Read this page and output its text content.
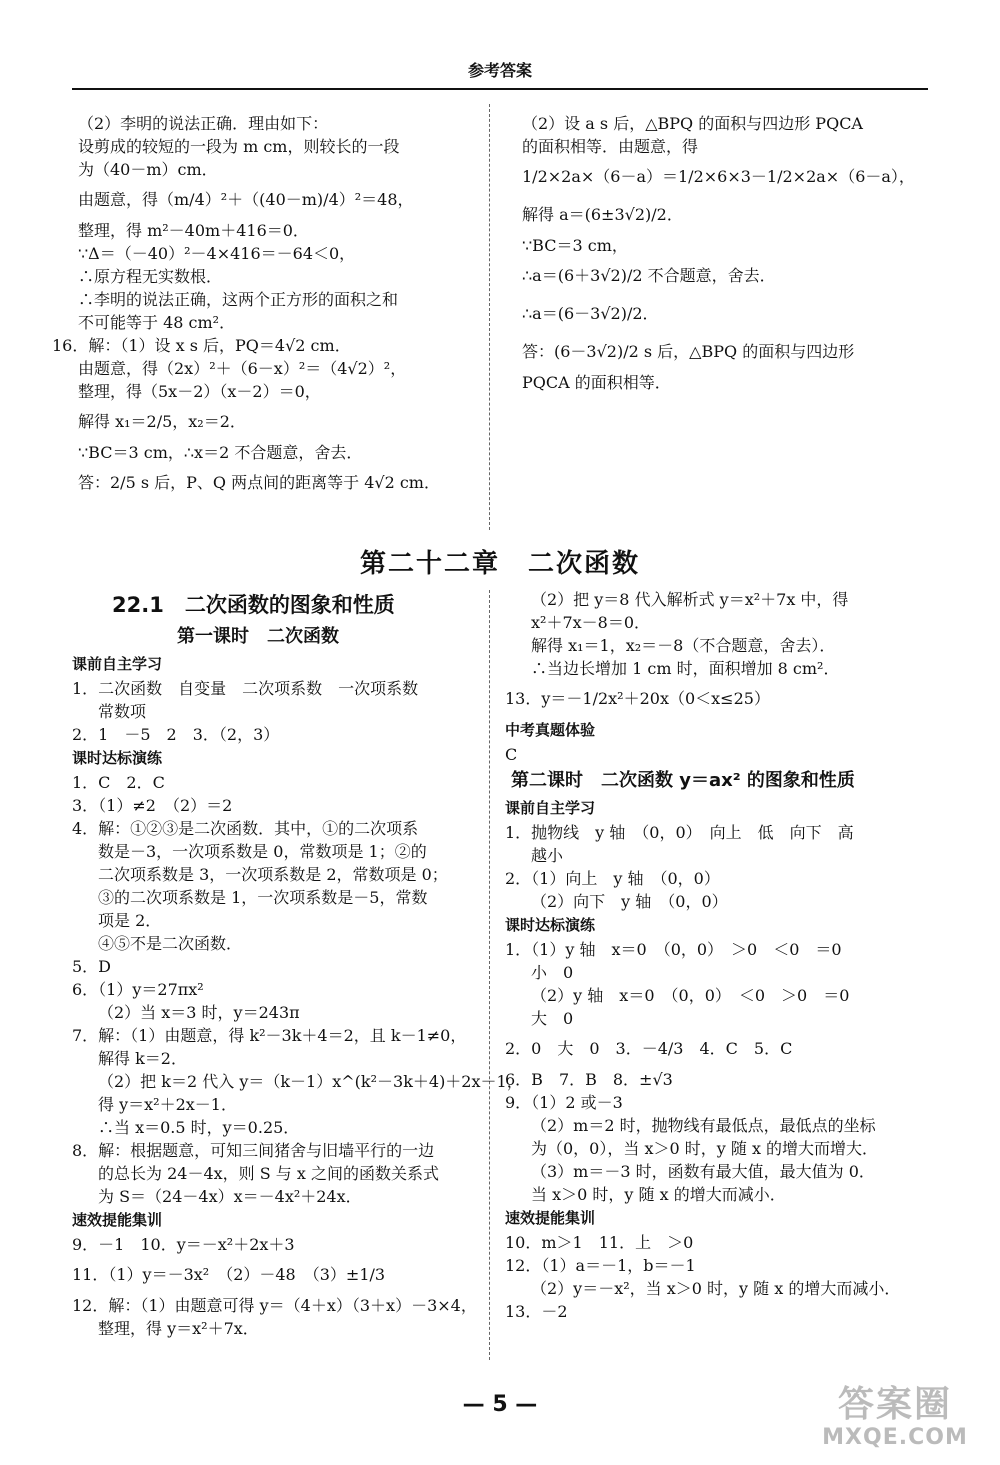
参考答案
（2）李明的说法正确．理由如下：
设剪成的较短的一段为 m cm，则较长的一段
为（40－m）cm．
由题意，得（m/4）²＋（(40－m)/4）²＝48，
整理，得 m²－40m＋416＝0．
∵Δ＝（－40）²－4×416＝－64＜0，
∴原方程无实数根．
∴李明的说法正确，这两个正方形的面积之和
不可能等于 48 cm²．
16．解：（1）设 x s 后，PQ＝4√2 cm．
由题意，得（2x）²＋（6－x）²＝（4√2）²，
整理，得（5x－2）（x－2）＝0，
解得 x₁＝2/5，x₂＝2．
∵BC＝3 cm，∴x＝2 不合题意，舍去．
答：2/5 s 后，P、Q 两点间的距离等于 4√2 cm．
（2）设 a s 后，△BPQ 的面积与四边形 PQCA
的面积相等．由题意，得
1/2×2a×（6－a）＝1/2×6×3－1/2×2a×（6－a），
解得 a＝(6±3√2)/2．
∵BC＝3 cm，
∴a＝(6＋3√2)/2 不合题意，舍去．
∴a＝(6－3√2)/2．
答：(6－3√2)/2 s 后，△BPQ 的面积与四边形
PQCA 的面积相等．
第二十二章　二次函数
22.1　二次函数的图象和性质
第一课时　二次函数
课前自主学习
1．二次函数　自变量　二次项系数　一次项系数
常数项
2．1　－5　2　3．（2，3）
课时达标演练
1．C　2．C
3．（1）≠2　（2）＝2
4．解：①②③是二次函数．其中，①的二次项系
数是－3，一次项系数是 0，常数项是 1；②的
二次项系数是 3，一次项系数是 2，常数项是 0；
③的二次项系数是 1，一次项系数是－5，常数
项是 2．
④⑤不是二次函数．
5．D
6．（1）y＝27πx²
（2）当 x＝3 时，y＝243π
7．解：（1）由题意，得 k²－3k＋4＝2，且 k－1≠0，
解得 k＝2．
（2）把 k＝2 代入 y＝（k－1）x^(k²－3k＋4)＋2x－1，
得 y＝x²＋2x－1．
∴当 x＝0.5 时，y＝0.25．
8．解：根据题意，可知三间猪舍与旧墙平行的一边
的总长为 24－4x，则 S 与 x 之间的函数关系式
为 S＝（24－4x）x＝－4x²＋24x．
速效提能集训
9．－1　10．y＝－x²＋2x＋3
11．（1）y＝－3x²　（2）－48　（3）±1/3
12．解：（1）由题意可得 y＝（4＋x）（3＋x）－3×4，
整理，得 y＝x²＋7x．
（2）把 y＝8 代入解析式 y＝x²＋7x 中，得
x²＋7x－8＝0．
解得 x₁＝1，x₂＝－8（不合题意，舍去）．
∴当边长增加 1 cm 时，面积增加 8 cm²．
13．y＝－1/2x²＋20x（0＜x≤25）
中考真题体验
C
第二课时　二次函数 y＝ax² 的图象和性质
课前自主学习
1．抛物线　y 轴　（0，0）　向上　低　向下　高
越小
2．（1）向上　y 轴　（0，0）
（2）向下　y 轴　（0，0）
课时达标演练
1．（1）y 轴　x＝0　（0，0）　＞0　＜0　＝0
小　0
（2）y 轴　x＝0　（0，0）　＜0　＞0　＝0
大　0
2．0　大　0　3．－4/3　4．C　5．C
6．B　7．B　8．±√3
9．（1）2 或－3
（2）m＝2 时，抛物线有最低点，最低点的坐标
为（0，0），当 x＞0 时，y 随 x 的增大而增大．
（3）m＝－3 时，函数有最大值，最大值为 0．
当 x＞0 时，y 随 x 的增大而减小．
速效提能集训
10．m＞1　11．上　＞0
12．（1）a＝－1，b＝－1
（2）y＝－x²，当 x＞0 时，y 随 x 的增大而减小．
13．－2
— 5 —	答案圈
MXQE.COM
